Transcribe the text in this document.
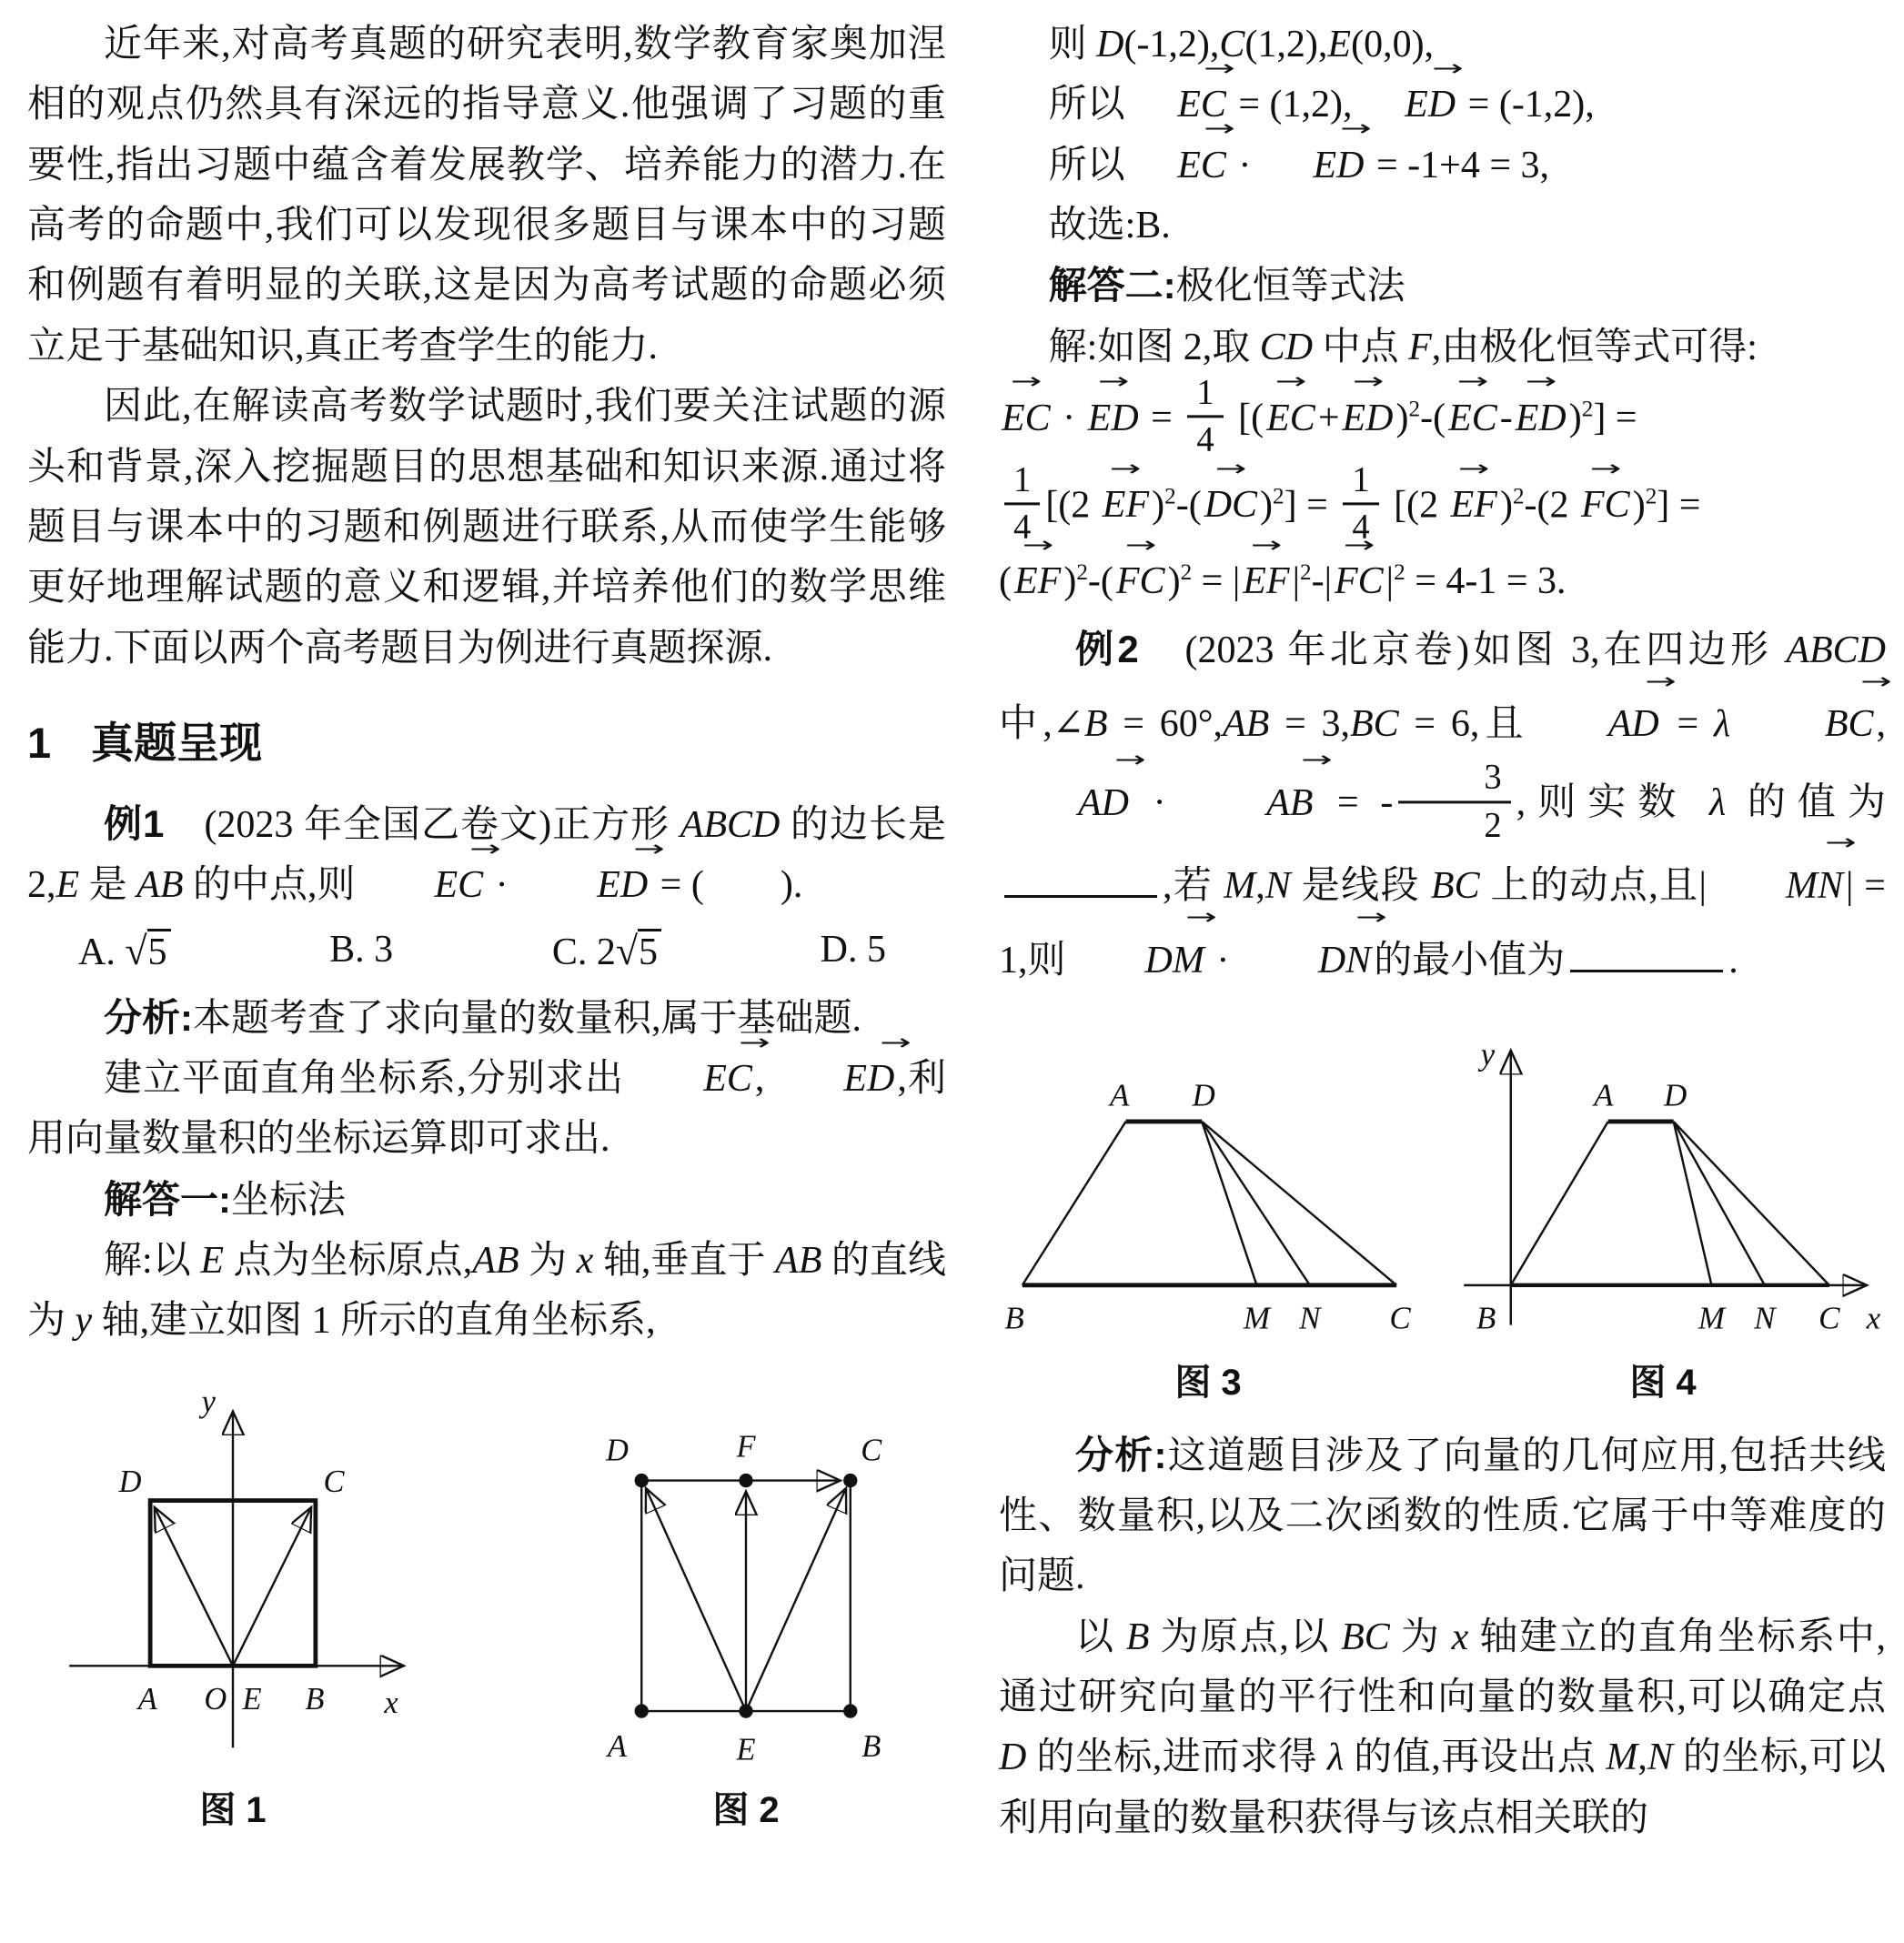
近年来,对高考真题的研究表明,数学教育家奥加涅相的观点仍然具有深远的指导意义.他强调了习题的重要性,指出习题中蕴含着发展教学、培养能力的潜力.在高考的命题中,我们可以发现很多题目与课本中的习题和例题有着明显的关联,这是因为高考试题的命题必须立足于基础知识,真正考查学生的能力.

因此,在解读高考数学试题时,我们要关注试题的源头和背景,深入挖掘题目的思想基础和知识来源.通过将题目与课本中的习题和例题进行联系,从而使学生能够更好地理解试题的意义和逻辑,并培养他们的数学思维能力.下面以两个高考题目为例进行真题探源.

1 真题呈现

例1　(2023 年全国乙卷文)正方形 ABCD 的边长是 2,E 是 AB 的中点,则 → EC · → ED = (　　).

A. √5	B. 3	C. 2√5	D. 5

分析:本题考查了求向量的数量积,属于基础题.

建立平面直角坐标系,分别求出 → EC, → ED,利用向量数量积的坐标运算即可求出.

解答一:坐标法

解:以 E 点为坐标原点,AB 为 x 轴,垂直于 AB 的直线为 y 轴,建立如图 1 所示的直角坐标系,

y
x
D	C
A O E B
图 1
D	F	C
A	E	B
图 2

则 D(-1,2),C(1,2),E(0,0),

所以 → EC = (1,2), → ED = (-1,2),

所以 → EC · → ED = -1+4 = 3,

故选:B.

解答二:极化恒等式法

解:如图 2,取 CD 中点 F,由极化恒等式可得:

→ EC · → ED = $\frac{1}{4}$ [(→ EC+→ ED)$^2$-(→ EC-→ ED)$^2$] =

$\frac{1}{4} [(2 \to EF)^2-(\to DC)^2] = \frac{1}{4} [(2 \to EF)^2-(2 \to FC)^2]$ =

(→ EF)$^2$-(→ FC)$^2$ = |→ $EF|^2-|\to FC|^2 = 4-1 = 3$.

例2　(2023 年北京卷)如图 3,在四边形 ABCD 中,∠B = 60°,AB = 3,BC = 6,且 → AD = λ → BC,→ AD · → AB = - $\frac{3}{2}$ ,则实数 λ 的值为,若 M,N 是线段 BC 上的动点,且| → MN| = 1,则 → DM · → DN的最小值为	.

A D
B	M N C
图 3
y
A D
B	M N C x
图 4

分析:这道题目涉及了向量的几何应用,包括共线性、数量积,以及二次函数的性质.它属于中等难度的问题.

以 B 为原点,以 BC 为 x 轴建立的直角坐标系中,通过研究向量的平行性和向量的数量积,可以确定点 D 的坐标,进而求得 λ 的值,再设出点 M,N 的坐标,可以利用向量的数量积获得与该点相关联的
